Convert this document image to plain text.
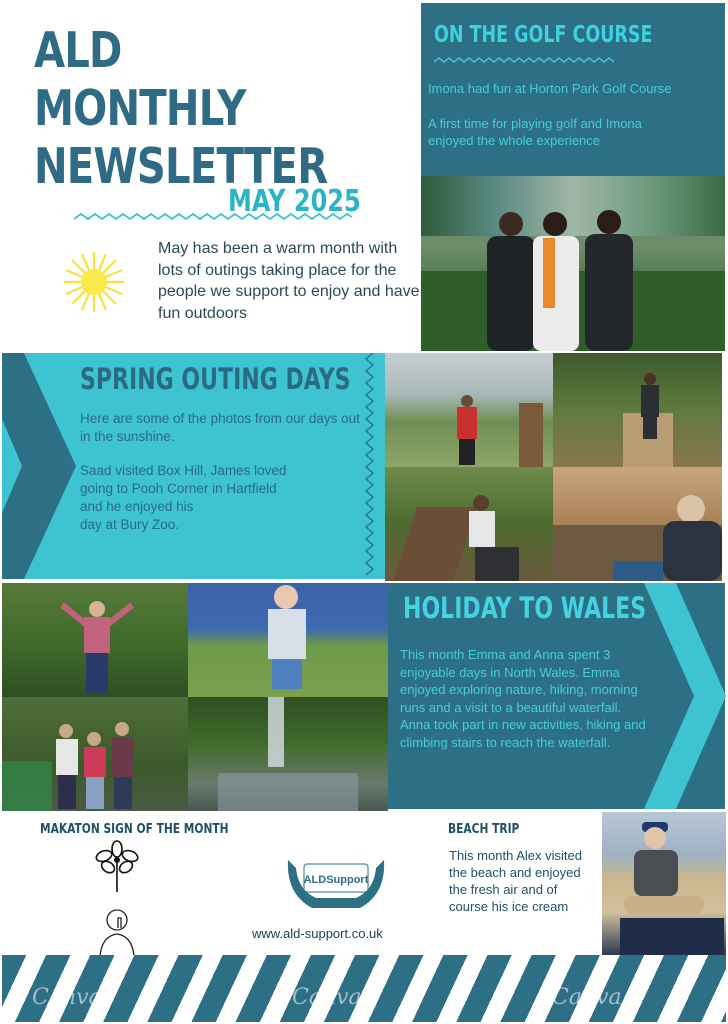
ALD MONTHLY
NEWSLETTER
MAY 2025
May has been a warm month with lots of outings taking place for the people we support to enjoy and have fun outdoors
ON THE GOLF COURSE

Imona had fun at Horton Park Golf Course

A first time for playing golf and Imona enjoyed the whole experience

SPRING OUTING DAYS

Here are some of the photos from our days out in the sunshine.

Saad visited Box Hill, James loved

going to Pooh Corner in Hartfield

and he enjoyed his

day at Bury Zoo.

HOLIDAY TO WALES

This month Emma and Anna spent 3 enjoyable days in North Wales. Emma enjoyed exploring nature, hiking, morning runs and a visit to a beautiful waterfall.

Anna took part in new activities, hiking and climbing stairs to reach the waterfall.

MAKATON SIGN OF THE MONTH
ALDSupport
www.ald-support.co.uk
BEACH TRIP
This month Alex visited the beach and enjoyed the fresh air and of course his ice cream
Canva	Canva	Canva
